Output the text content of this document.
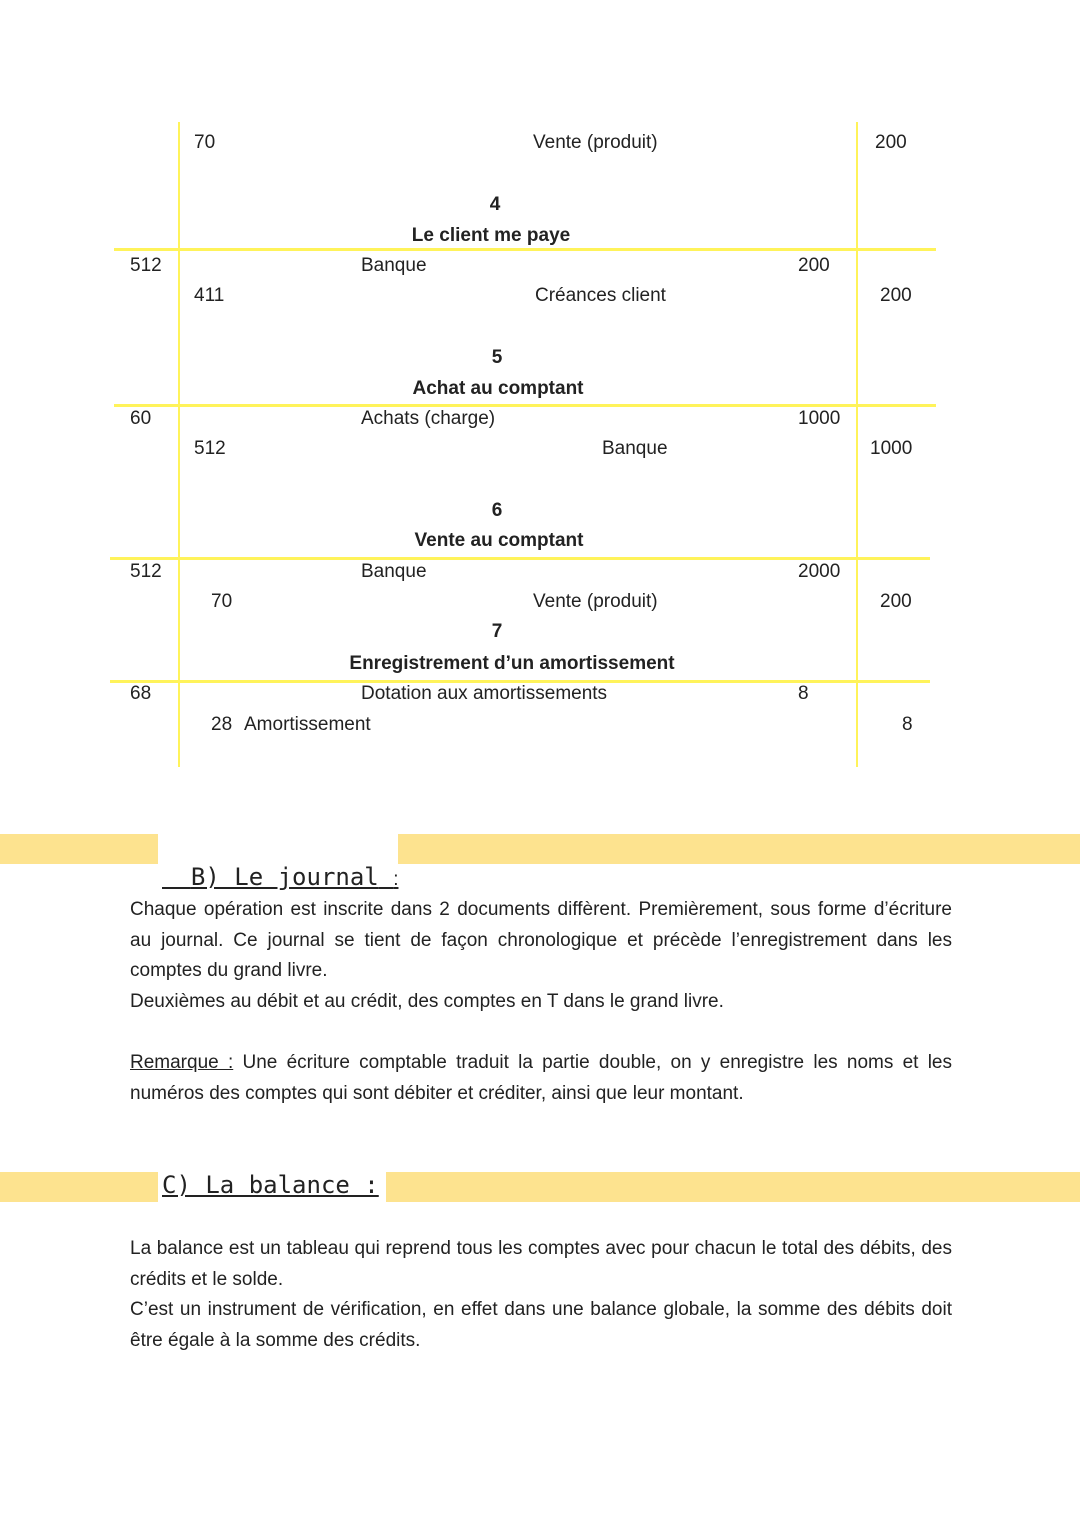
70	Vente (produit)	200
4
Le client me paye
512	Banque	200
411	Créances client	200
5
Achat au comptant
60	Achats (charge)	1000
512	Banque	1000
6
Vente au comptant
512	Banque	2000
70	Vente (produit)	200
7
Enregistrement d’un amortissement
68	Dotation aux amortissements	8
28 Amortissement	8

B) Le journal :

Chaque opération est inscrite dans 2 documents diffèrent. Premièrement, sous forme d’écriture au journal. Ce journal se tient de façon chronologique et précède l’enregistrement dans les comptes du grand livre.

Deuxièmes au débit et au crédit, des comptes en T dans le grand livre.

Remarque : Une écriture comptable traduit la partie double, on y enregistre les noms et les numéros des comptes qui sont débiter et créditer, ainsi que leur montant.

C) La balance :

La balance est un tableau qui reprend tous les comptes avec pour chacun le total des débits, des crédits et le solde.

C’est un instrument de vérification, en effet dans une balance globale, la somme des débits doit être égale à la somme des crédits.
